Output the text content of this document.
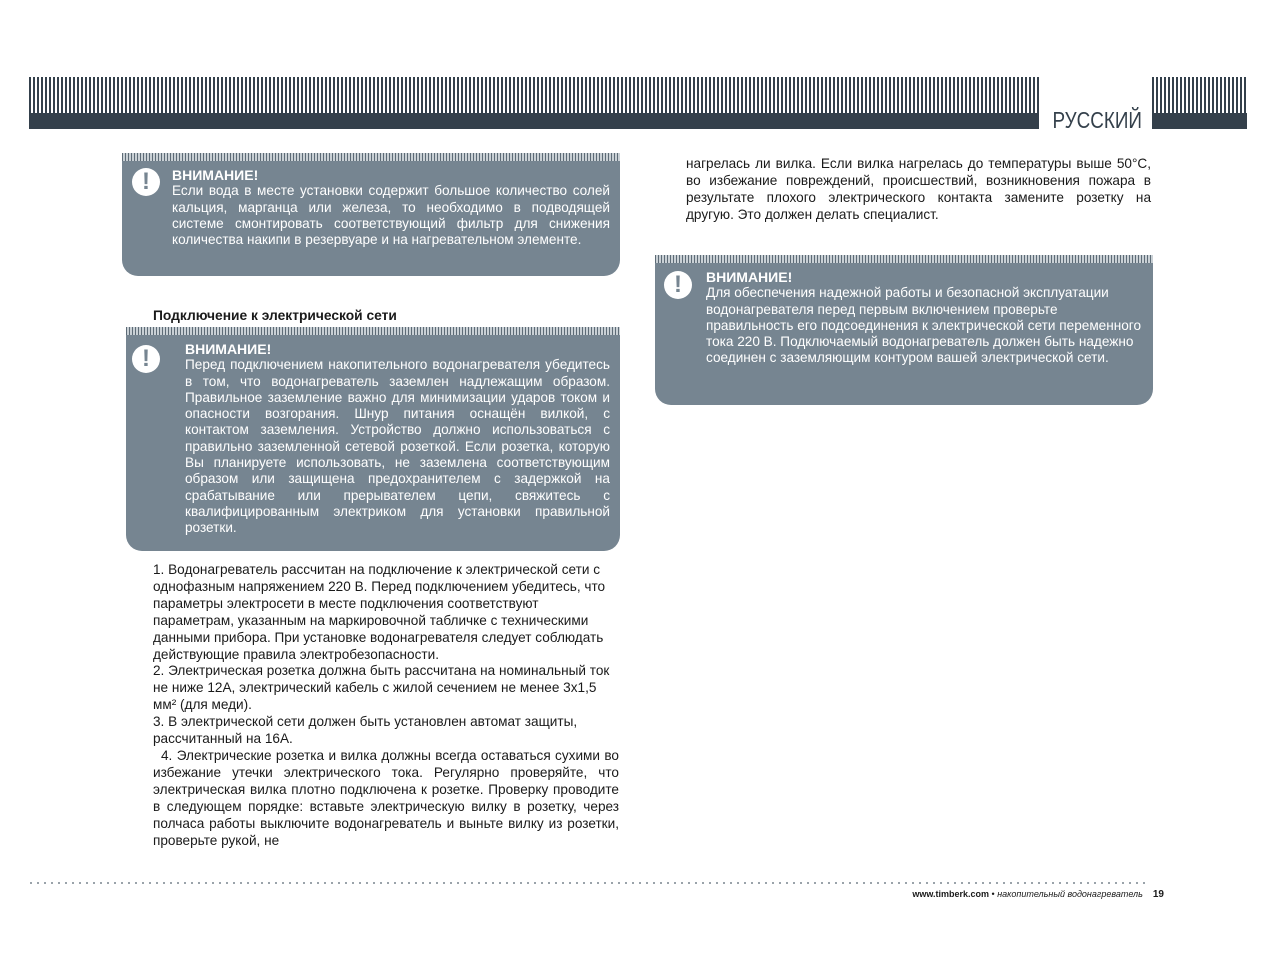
РУССКИЙ
!
ВНИМАНИЕ!
Если вода в месте установки содержит большое количество солей кальция, марганца или железа, то необходимо в подводящей системе смонтировать соответствующий фильтр для снижения количества накипи в резервуаре и на нагревательном элементе.
Подключение к электрической сети
!
ВНИМАНИЕ!
Перед подключением накопительного водонагревателя убедитесь в том, что водонагреватель заземлен надлежащим образом. Правильное заземление важно для минимизации ударов током и опасности возгорания. Шнур питания оснащён вилкой, с контактом заземления. Устройство должно использоваться с правильно заземленной сетевой розеткой. Если розетка, которую Вы планируете использовать, не заземлена соответствующим образом или защищена предохранителем с задержкой на срабатывание или прерывателем цепи, свяжитесь с квалифицированным электриком для установки правильной розетки.

1. Водонагреватель рассчитан на подключение к электрической сети с однофазным напряжением 220 В. Перед подключением убедитесь, что параметры электросети в месте подключения соответствуют параметрам, указанным на маркировочной табличке с техническими данными прибора. При установке водонагревателя следует соблюдать действующие правила электробезопасности.

2. Электрическая розетка должна быть рассчитана на номинальный ток не ниже 12А, электрический кабель с жилой сечением не менее 3х1,5 мм² (для меди).

3. В электрической сети должен быть установлен автомат защиты, рассчитанный на 16А.

4. Электрические розетка и вилка должны всегда оставаться сухими во избежание утечки электрического тока. Регулярно проверяйте, что электрическая вилка плотно подключена к розетке. Проверку проводите в следующем порядке: вставьте электрическую вилку в розетку, через полчаса работы выключите водонагреватель и выньте вилку из розетки, проверьте рукой, не

нагрелась ли вилка. Если вилка нагрелась до температуры выше 50°С, во избежание повреждений, происшествий, возникновения пожара в результате плохого электрического контакта замените розетку на другую. Это должен делать специалист.
!
ВНИМАНИЕ!
Для обеспечения надежной работы и безопасной эксплуатации водонагревателя перед первым включением проверьте правильность его подсоединения к электрической сети переменного тока 220 В. Подключаемый водонагреватель должен быть надежно соединен с заземляющим контуром вашей электрической сети.
www.timberk.com • накопительный водонагреватель 19
